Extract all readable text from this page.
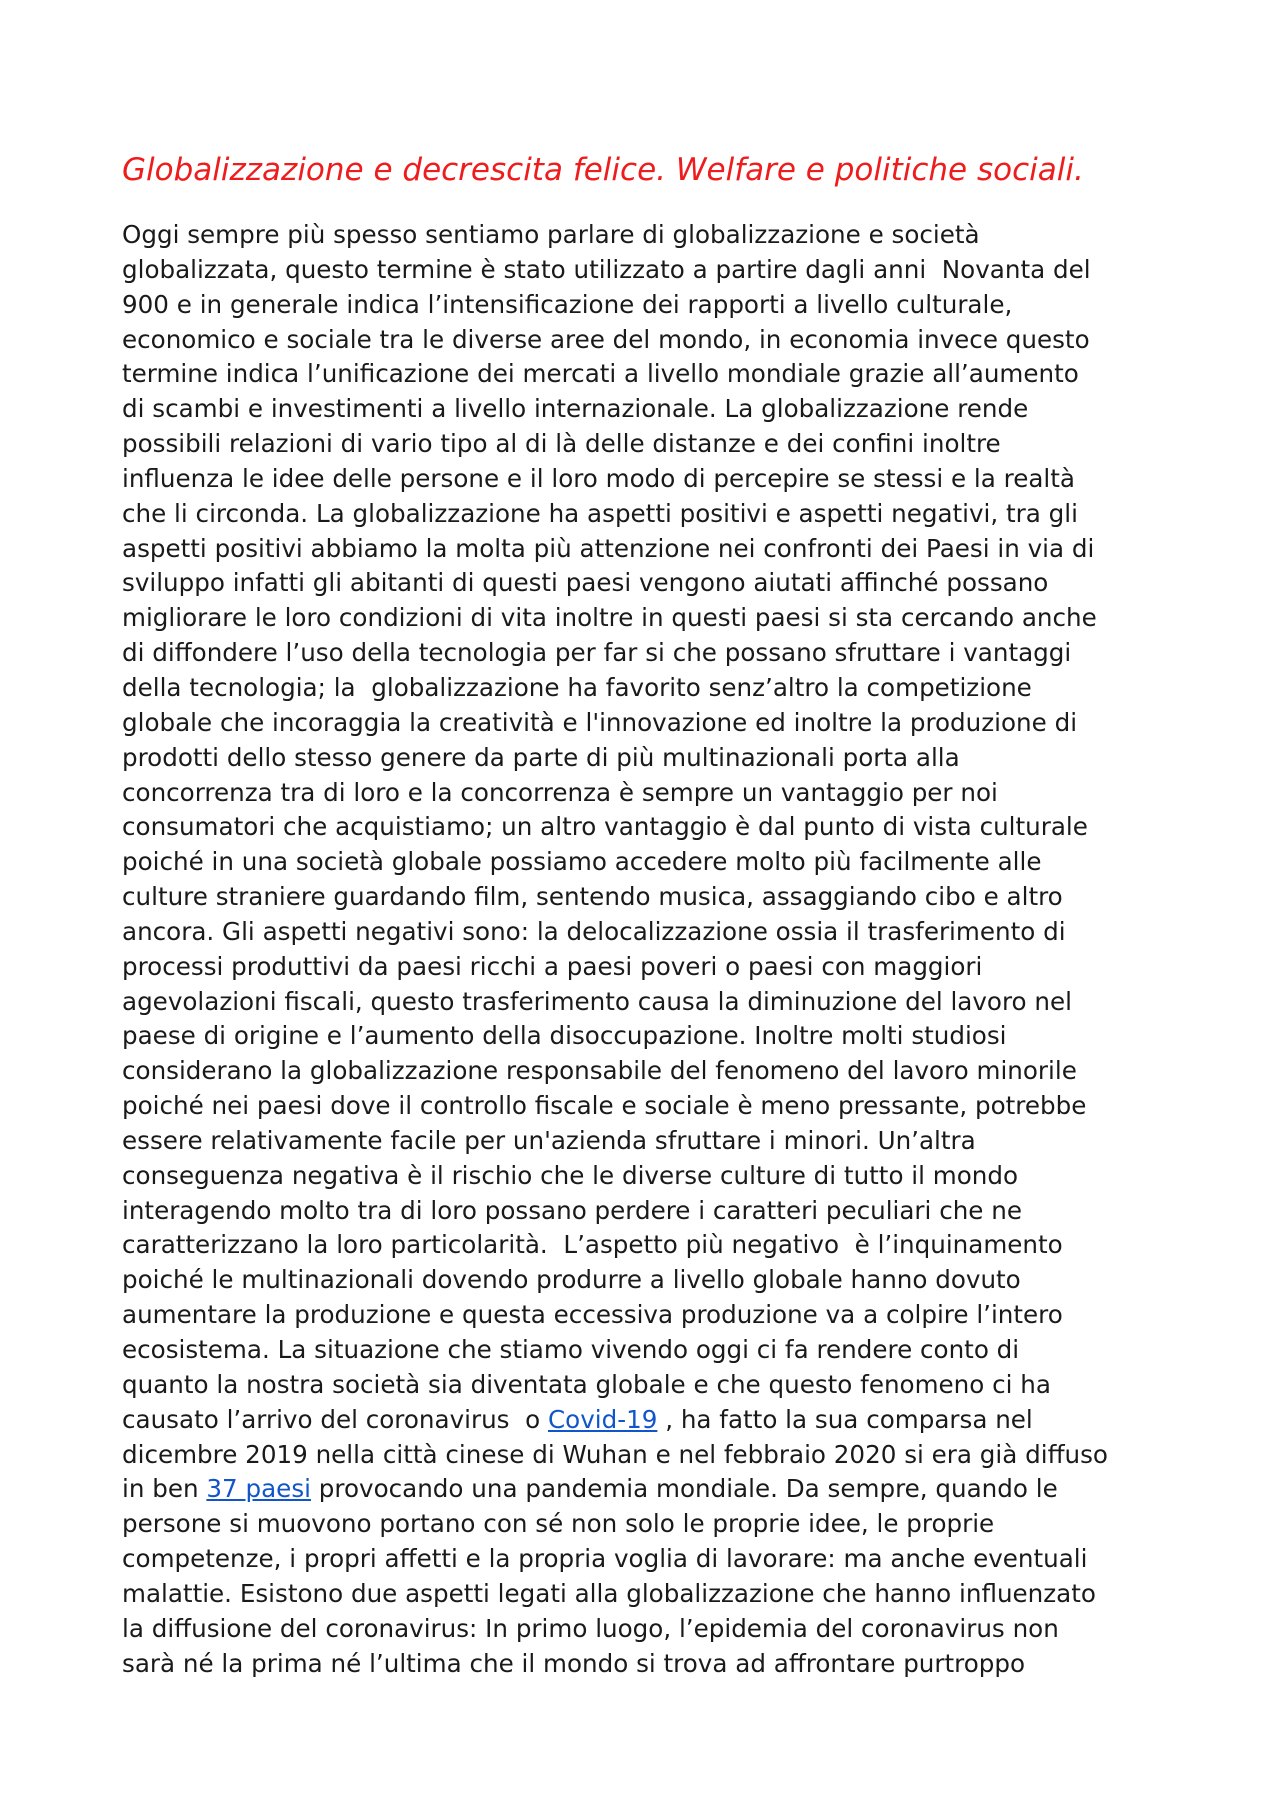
Globalizzazione e decrescita felice. Welfare e politiche sociali.
Oggi sempre più spesso sentiamo parlare di globalizzazione e società
globalizzata, questo termine è stato utilizzato a partire dagli anni  Novanta del
900 e in generale indica l’intensificazione dei rapporti a livello culturale,
economico e sociale tra le diverse aree del mondo, in economia invece questo
termine indica l’unificazione dei mercati a livello mondiale grazie all’aumento
di scambi e investimenti a livello internazionale. La globalizzazione rende
possibili relazioni di vario tipo al di là delle distanze e dei confini inoltre
influenza le idee delle persone e il loro modo di percepire se stessi e la realtà
che li circonda. La globalizzazione ha aspetti positivi e aspetti negativi, tra gli
aspetti positivi abbiamo la molta più attenzione nei confronti dei Paesi in via di
sviluppo infatti gli abitanti di questi paesi vengono aiutati affinché possano
migliorare le loro condizioni di vita inoltre in questi paesi si sta cercando anche
di diffondere l’uso della tecnologia per far si che possano sfruttare i vantaggi
della tecnologia; la  globalizzazione ha favorito senz’altro la competizione
globale che incoraggia la creatività e l'innovazione ed inoltre la produzione di
prodotti dello stesso genere da parte di più multinazionali porta alla
concorrenza tra di loro e la concorrenza è sempre un vantaggio per noi
consumatori che acquistiamo; un altro vantaggio è dal punto di vista culturale
poiché in una società globale possiamo accedere molto più facilmente alle
culture straniere guardando film, sentendo musica, assaggiando cibo e altro
ancora. Gli aspetti negativi sono: la delocalizzazione ossia il trasferimento di
processi produttivi da paesi ricchi a paesi poveri o paesi con maggiori
agevolazioni fiscali, questo trasferimento causa la diminuzione del lavoro nel
paese di origine e l’aumento della disoccupazione. Inoltre molti studiosi
considerano la globalizzazione responsabile del fenomeno del lavoro minorile
poiché nei paesi dove il controllo fiscale e sociale è meno pressante, potrebbe
essere relativamente facile per un'azienda sfruttare i minori. Un’altra
conseguenza negativa è il rischio che le diverse culture di tutto il mondo
interagendo molto tra di loro possano perdere i caratteri peculiari che ne
caratterizzano la loro particolarità.  L’aspetto più negativo  è l’inquinamento
poiché le multinazionali dovendo produrre a livello globale hanno dovuto
aumentare la produzione e questa eccessiva produzione va a colpire l’intero
ecosistema. La situazione che stiamo vivendo oggi ci fa rendere conto di
quanto la nostra società sia diventata globale e che questo fenomeno ci ha
causato l’arrivo del coronavirus  o Covid-19 , ha fatto la sua comparsa nel
dicembre 2019 nella città cinese di Wuhan e nel febbraio 2020 si era già diffuso
in ben 37 paesi provocando una pandemia mondiale. Da sempre, quando le
persone si muovono portano con sé non solo le proprie idee, le proprie
competenze, i propri affetti e la propria voglia di lavorare: ma anche eventuali
malattie. Esistono due aspetti legati alla globalizzazione che hanno influenzato
la diffusione del coronavirus: In primo luogo, l’epidemia del coronavirus non
sarà né la prima né l’ultima che il mondo si trova ad affrontare purtroppo
